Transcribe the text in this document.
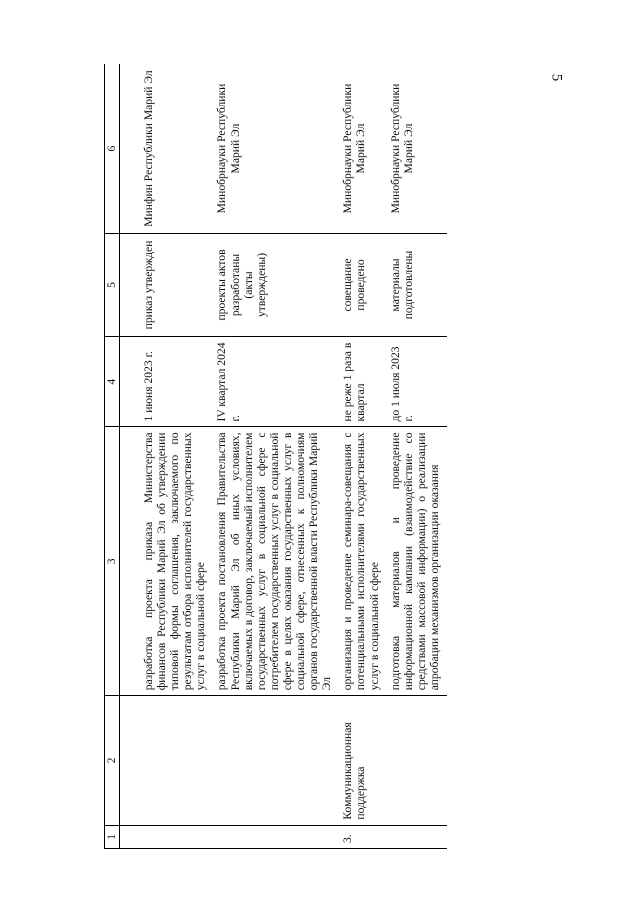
5
1	2	3	4	5	6
		разработка проекта приказа Министерства финансов Республики Марий Эл об утверждении типовой формы соглашения, заключаемого по результатам отбора исполнителей государственных услуг в социальной сфере	1 июня 2023 г.	приказ утвержден	Минфин Республики Марий Эл
		разработка проекта постановления Правительства Республики Марий Эл об иных условиях, включаемых в договор, заключаемый исполнителем государственных услуг в социальной сфере с потребителем государственных услуг в социальной сфере в целях оказания государственных услуг в социальной сфере, отнесенных к полномочиям органов государственной власти Республики Марий Эл	IV квартал 2024 г.	проекты актов разработаны (акты утверждены)	Минобрнауки Республики Марий Эл
3.	Коммуникационная поддержка	организация и проведение семинара-совещания с потенциальными исполнителями государственных услуг в социальной сфере	не реже 1 раза в квартал	совещание проведено	Минобрнауки Республики Марий Эл
		подготовка материалов и проведение информационной кампании (взаимодействие со средствами массовой информации) о реализации апробации механизмов организации оказания	до 1 июля 2023 г.	материалы подготовлены	Минобрнауки Республики Марий Эл
